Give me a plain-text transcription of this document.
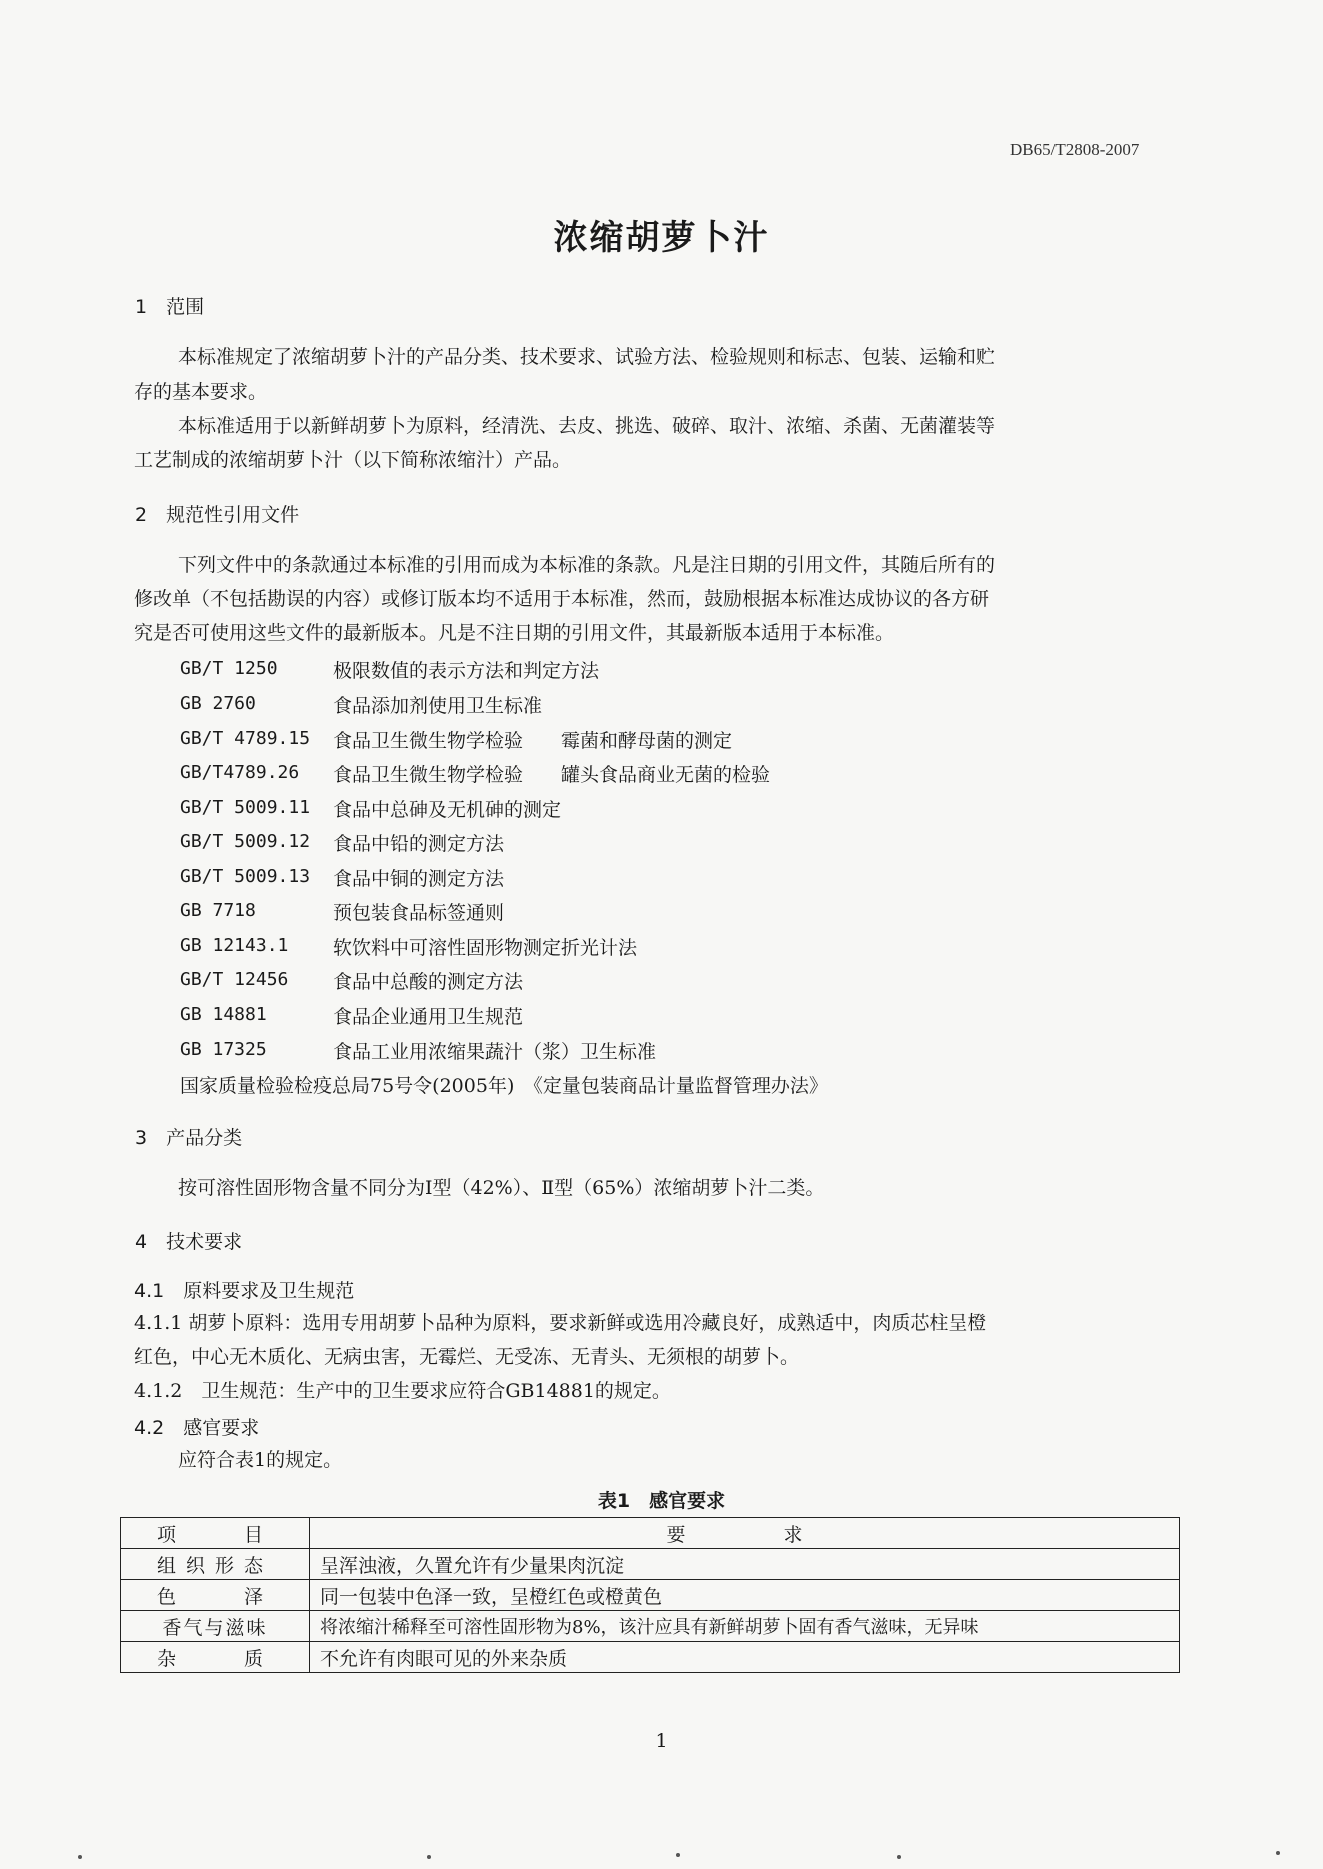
DB65/T2808-2007
浓缩胡萝卜汁
1　范围
本标准规定了浓缩胡萝卜汁的产品分类、技术要求、试验方法、检验规则和标志、包装、运输和贮
存的基本要求。
本标准适用于以新鲜胡萝卜为原料，经清洗、去皮、挑选、破碎、取汁、浓缩、杀菌、无菌灌装等
工艺制成的浓缩胡萝卜汁（以下简称浓缩汁）产品。
2　规范性引用文件
下列文件中的条款通过本标准的引用而成为本标准的条款。凡是注日期的引用文件，其随后所有的
修改单（不包括勘误的内容）或修订版本均不适用于本标准，然而，鼓励根据本标准达成协议的各方研
究是否可使用这些文件的最新版本。凡是不注日期的引用文件，其最新版本适用于本标准。
GB/T 1250	极限数值的表示方法和判定方法
GB 2760	食品添加剂使用卫生标准
GB/T 4789.15 食品卫生微生物学检验　　霉菌和酵母菌的测定
GB/T4789.26 食品卫生微生物学检验　　罐头食品商业无菌的检验
GB/T 5009.11 食品中总砷及无机砷的测定
GB/T 5009.12 食品中铅的测定方法
GB/T 5009.13 食品中铜的测定方法
GB 7718	预包装食品标签通则
GB 12143.1 软饮料中可溶性固形物测定折光计法
GB/T 12456 食品中总酸的测定方法
GB 14881	食品企业通用卫生规范
GB 17325	食品工业用浓缩果蔬汁（浆）卫生标准
国家质量检验检疫总局75号令(2005年)　《定量包装商品计量监督管理办法》
3　产品分类
按可溶性固形物含量不同分为Ⅰ型（42%）、Ⅱ型（65%）浓缩胡萝卜汁二类。
4　技术要求
4.1　原料要求及卫生规范
4.1.1 胡萝卜原料：选用专用胡萝卜品种为原料，要求新鲜或选用冷藏良好，成熟适中，肉质芯柱呈橙
红色，中心无木质化、无病虫害，无霉烂、无受冻、无青头、无须根的胡萝卜。
4.1.2　卫生规范：生产中的卫生要求应符合GB14881的规定。
4.2　感官要求
应符合表1的规定。
表1　感官要求
项　　目	要　　求
组织形态	呈浑浊液，久置允许有少量果肉沉淀
色　　泽	同一包装中色泽一致，呈橙红色或橙黄色
香气与滋味	将浓缩汁稀释至可溶性固形物为8%，该汁应具有新鲜胡萝卜固有香气滋味，无异味
杂　　质	不允许有肉眼可见的外来杂质
1
